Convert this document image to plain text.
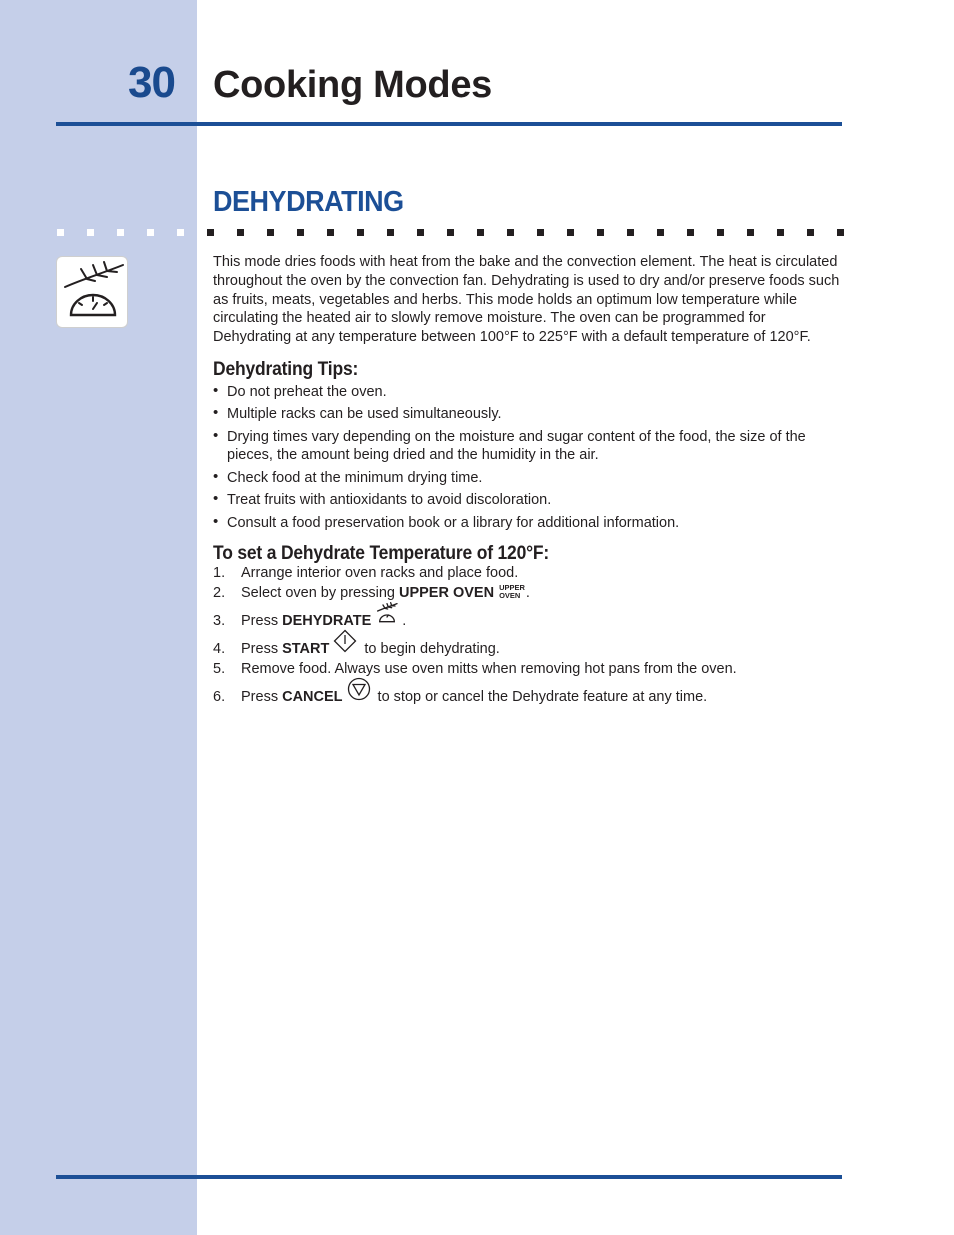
30 Cooking Modes
DEHYDRATING

This mode dries foods with heat from the bake and the convection element. The heat is circulated throughout the oven by the convection fan. Dehydrating is used to dry and/or preserve foods such as fruits, meats, vegetables and herbs. This mode holds an optimum low temperature while circulating the heated air to slowly remove moisture. The oven can be programmed for Dehydrating at any temperature between 100°F to 225°F with a default temperature of 120°F.

Dehydrating Tips:
• Do not preheat the oven.
• Multiple racks can be used simultaneously.
• Drying times vary depending on the moisture and sugar content of the food, the size of the pieces, the amount being dried and the humidity in the air.
• Check food at the minimum drying time.
• Treat fruits with antioxidants to avoid discoloration.
• Consult a food preservation book or a library for additional information.
To set a Dehydrate Temperature of 120°F:
1. Arrange interior oven racks and place food.
2. Select oven by pressing UPPER OVEN UPPER
OVEN .
3. Press DEHYDRATE .
4. Press START to begin dehydrating.
5. Remove food. Always use oven mitts when removing hot pans from the oven.
6. Press CANCEL to stop or cancel the Dehydrate feature at any time.
